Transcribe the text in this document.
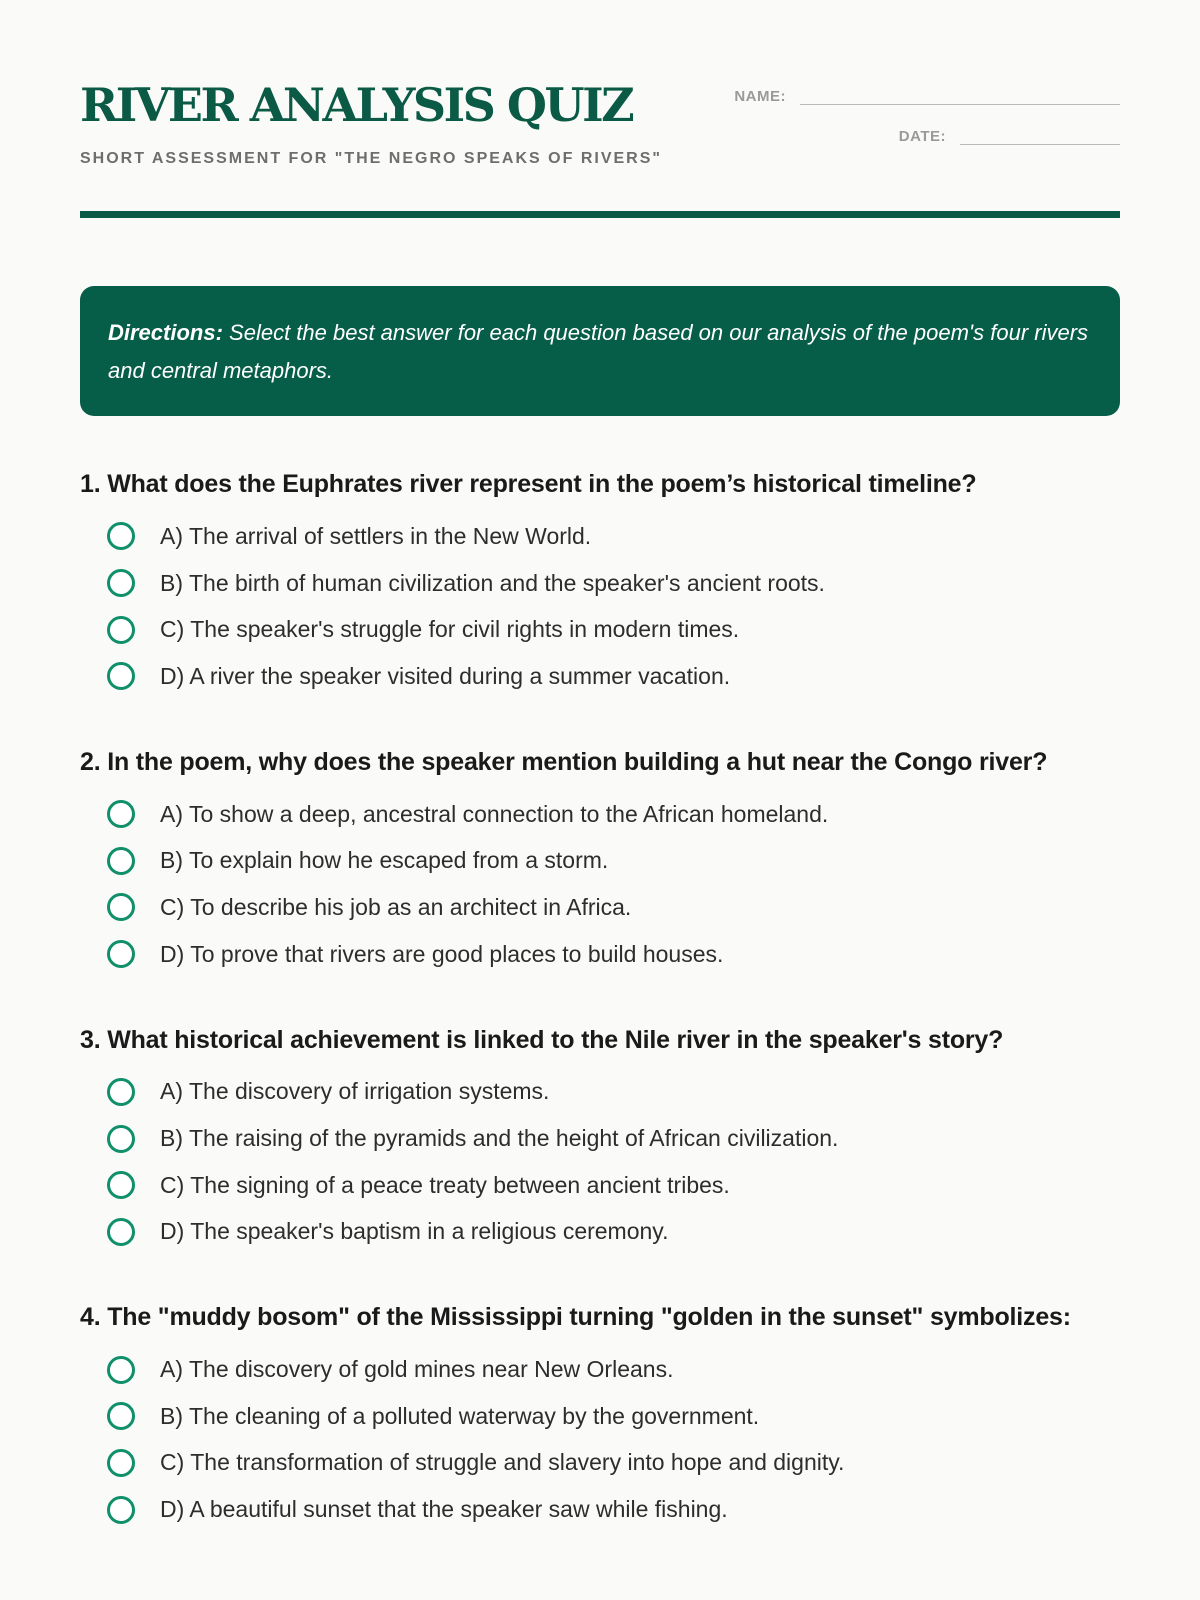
RIVER ANALYSIS QUIZ
SHORT ASSESSMENT FOR "THE NEGRO SPEAKS OF RIVERS"
NAME:
DATE:
Directions: Select the best answer for each question based on our analysis of the poem's four rivers and central metaphors.

1. What does the Euphrates river represent in the poem’s historical timeline?

A) The arrival of settlers in the New World.
B) The birth of human civilization and the speaker's ancient roots.
C) The speaker's struggle for civil rights in modern times.
D) A river the speaker visited during a summer vacation.

2. In the poem, why does the speaker mention building a hut near the Congo river?

A) To show a deep, ancestral connection to the African homeland.
B) To explain how he escaped from a storm.
C) To describe his job as an architect in Africa.
D) To prove that rivers are good places to build houses.

3. What historical achievement is linked to the Nile river in the speaker's story?

A) The discovery of irrigation systems.
B) The raising of the pyramids and the height of African civilization.
C) The signing of a peace treaty between ancient tribes.
D) The speaker's baptism in a religious ceremony.

4. The "muddy bosom" of the Mississippi turning "golden in the sunset" symbolizes:

A) The discovery of gold mines near New Orleans.
B) The cleaning of a polluted waterway by the government.
C) The transformation of struggle and slavery into hope and dignity.
D) A beautiful sunset that the speaker saw while fishing.
